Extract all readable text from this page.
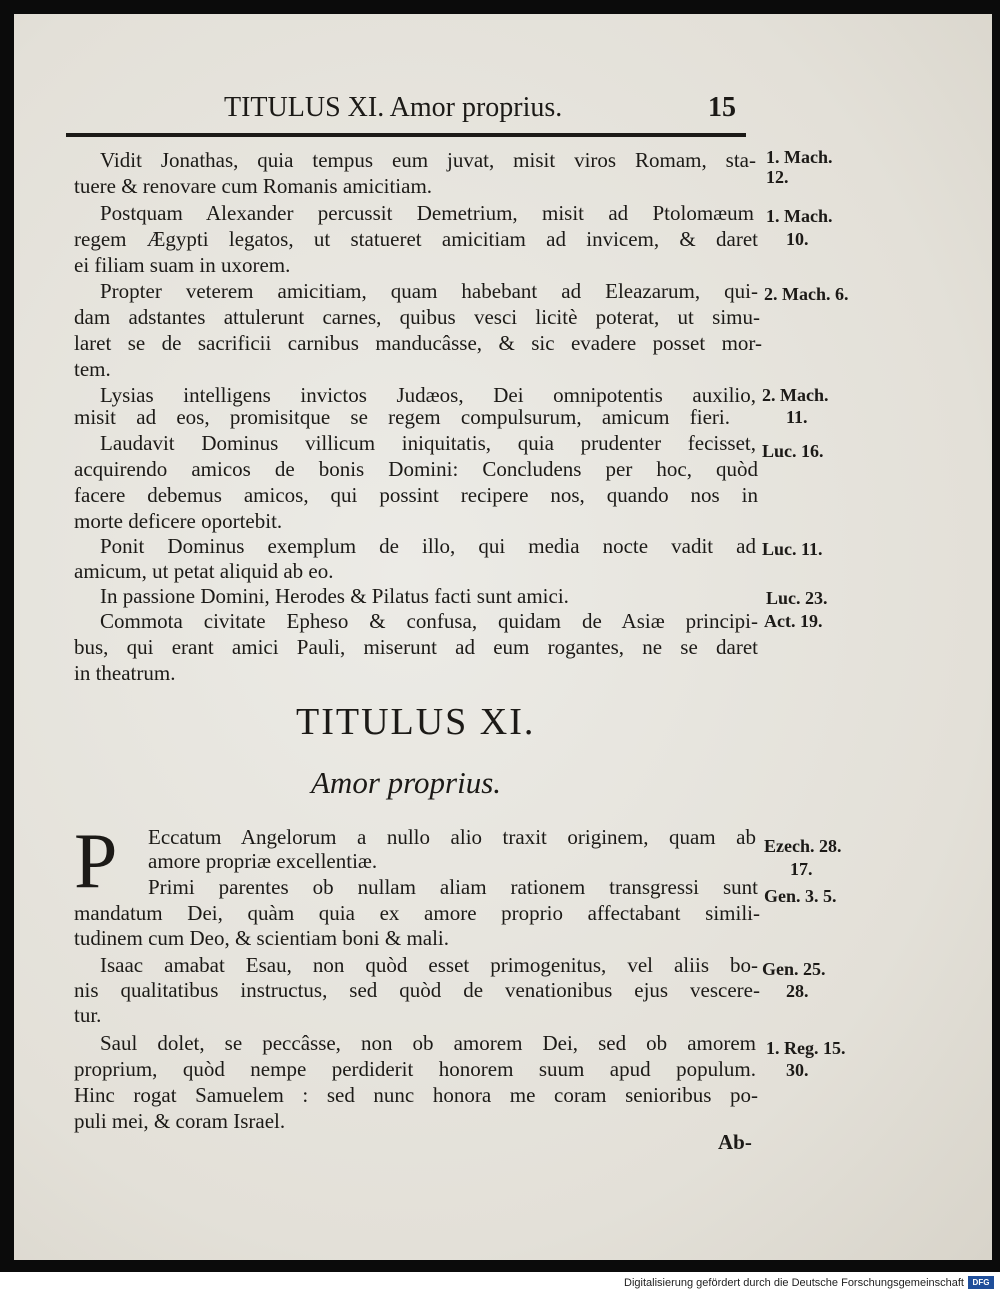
TITULUS XI. Amor proprius.	15
Vidit Jonathas, quia tempus eum juvat, misit viros Romam, sta-
tuere & renovare cum Romanis amicitiam.
Postquam Alexander percussit Demetrium, misit ad Ptolomæum
regem Ægypti legatos, ut statueret amicitiam ad invicem, & daret
ei filiam suam in uxorem.
Propter veterem amicitiam, quam habebant ad Eleazarum, qui-
dam adstantes attulerunt carnes, quibus vesci licitè poterat, ut simu-
laret se de sacrificii carnibus manducâsse, & sic evadere posset mor-
tem.
Lysias intelligens invictos Judæos, Dei omnipotentis auxilio,
misit ad eos, promisitque se regem compulsurum, amicum fieri.
Laudavit Dominus villicum iniquitatis, quia prudenter fecisset,
acquirendo amicos de bonis Domini: Concludens per hoc, quòd
facere debemus amicos, qui possint recipere nos, quando nos in
morte deficere oportebit.
Ponit Dominus exemplum de illo, qui media nocte vadit ad
amicum, ut petat aliquid ab eo.
In passione Domini, Herodes & Pilatus facti sunt amici.
Commota civitate Epheso & confusa, quidam de Asiæ principi-
bus, qui erant amici Pauli, miserunt ad eum rogantes, ne se daret
in theatrum.
1. Mach.
12.
1. Mach.
10.
2. Mach. 6.
2. Mach.
11.
Luc. 16.
Luc. 11.
Luc. 23.
Act. 19.
TITULUS XI.
Amor proprius.
P Eccatum Angelorum a nullo alio traxit originem, quam ab
amore propriæ excellentiæ.
Primi parentes ob nullam aliam rationem transgressi sunt
mandatum Dei, quàm quia ex amore proprio affectabant simili-
tudinem cum Deo, & scientiam boni & mali.
Isaac amabat Esau, non quòd esset primogenitus, vel aliis bo-
nis qualitatibus instructus, sed quòd de venationibus ejus vescere-
tur.
Saul dolet, se peccâsse, non ob amorem Dei, sed ob amorem
proprium, quòd nempe perdiderit honorem suum apud populum.
Hinc rogat Samuelem : sed nunc honora me coram senioribus po-
puli mei, & coram Israel.
Ezech. 28.
17.
Gen. 3. 5.
Gen. 25.
28.
1. Reg. 15.
30.
Ab-
Digitalisierung gefördert durch die Deutsche Forschungsgemeinschaft	DFG
